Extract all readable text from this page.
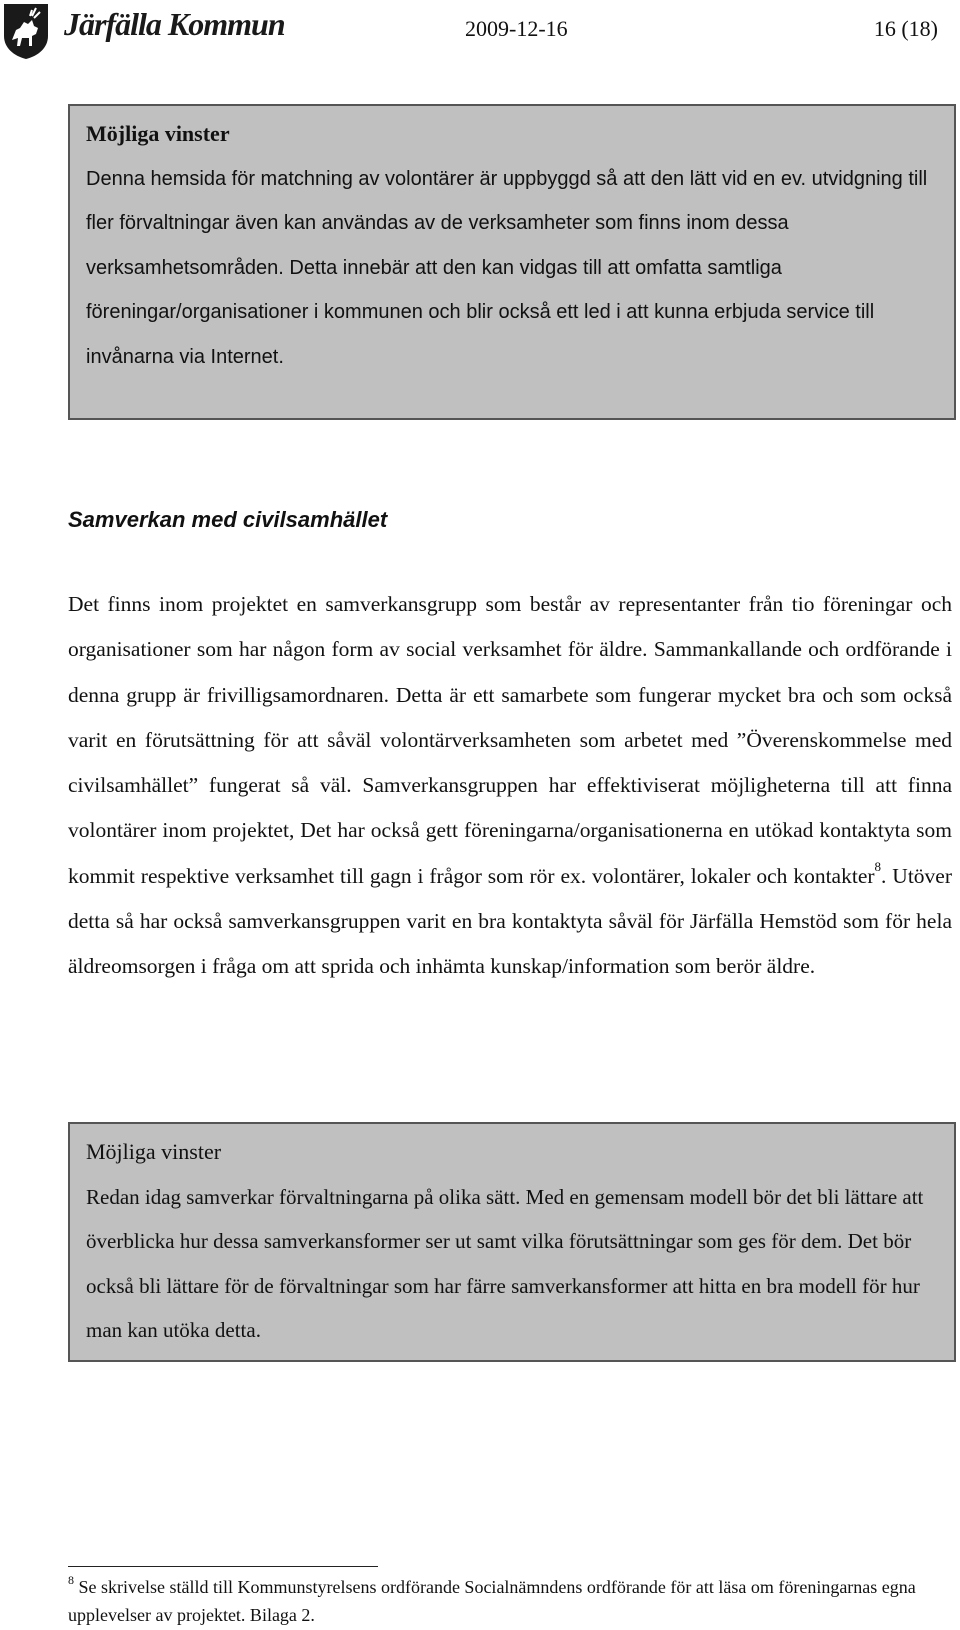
Järfälla Kommun	2009-12-16	16 (18)
Möjliga vinster

Denna hemsida för matchning av volontärer är uppbyggd så att den lätt vid en ev. utvidgning till fler förvaltningar även kan användas av de verksamheter som finns inom dessa verksamhetsområden. Detta innebär att den kan vidgas till att omfatta samtliga föreningar/organisationer i kommunen och blir också ett led i att kunna erbjuda service till invånarna via Internet.

Samverkan med civilsamhället

Det finns inom projektet en samverkansgrupp som består av representanter från tio föreningar och organisationer som har någon form av social verksamhet för äldre. Sammankallande och ordförande i denna grupp är frivilligsamordnaren. Detta är ett samarbete som fungerar mycket bra och som också varit en förutsättning för att såväl volontärverksamheten som arbetet med ”Överenskommelse med civilsamhället” fungerat så väl. Samverkansgruppen har effektiviserat möjligheterna till att finna volontärer inom projektet, Det har också gett föreningarna/organisationerna en utökad kontaktyta som kommit respektive verksamhet till gagn i frågor som rör ex. volontärer, lokaler och kontakter$^8$. Utöver detta så har också samverkansgruppen varit en bra kontaktyta såväl för Järfälla Hemstöd som för hela äldreomsorgen i fråga om att sprida och inhämta kunskap/information som berör äldre.

Möjliga vinster

Redan idag samverkar förvaltningarna på olika sätt. Med en gemensam modell bör det bli lättare att överblicka hur dessa samverkansformer ser ut samt vilka förutsättningar som ges för dem. Det bör också bli lättare för de förvaltningar som har färre samverkansformer att hitta en bra modell för hur man kan utöka detta.

$^8$ Se skrivelse ställd till Kommunstyrelsens ordförande Socialnämndens ordförande för att läsa om föreningarnas egna upplevelser av projektet. Bilaga 2.
